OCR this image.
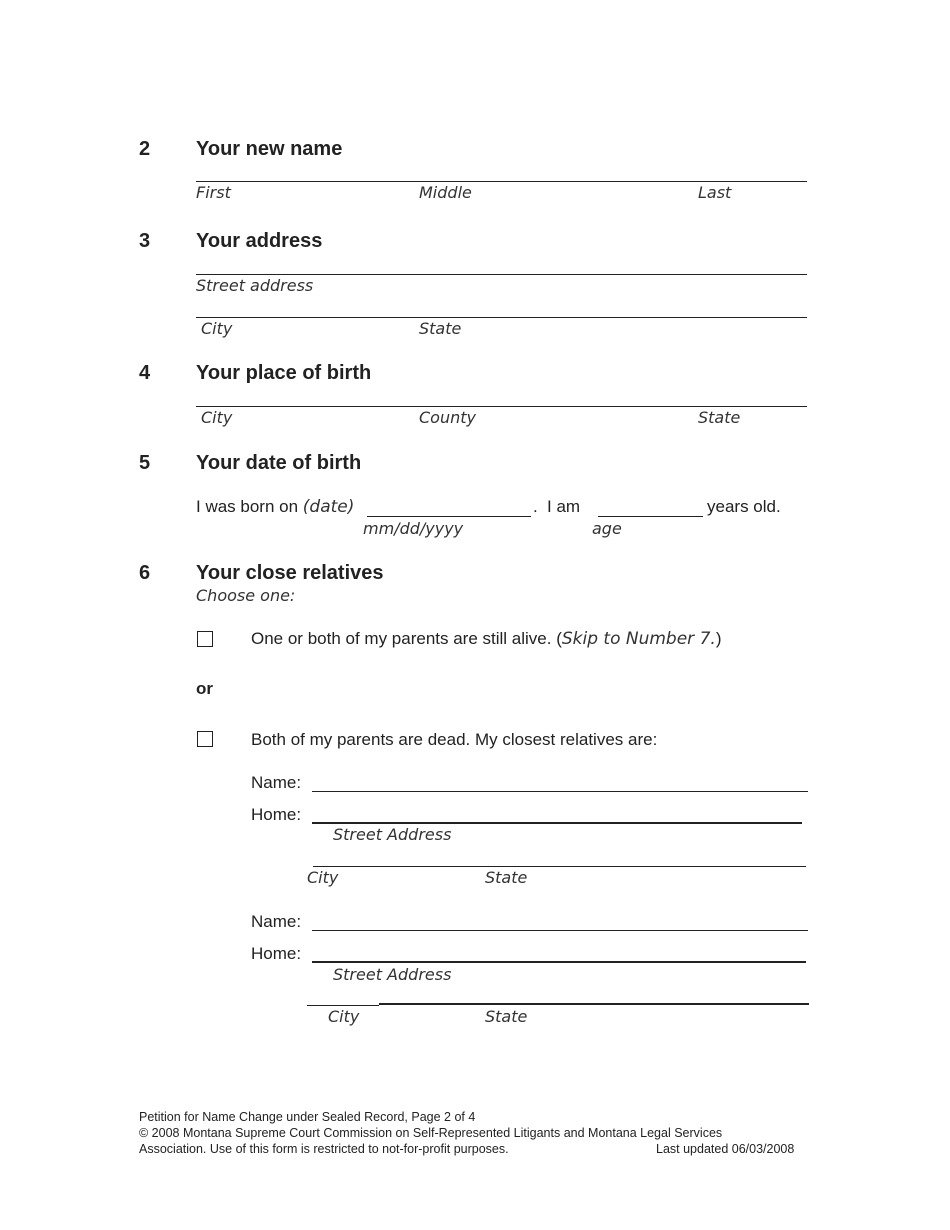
2 Your new name
First	Middle	Last
3 Your address
Street address
City	State
4 Your place of birth
City	County	State
5 Your date of birth
I was born on (date)	. I am	years old.
mm/dd/yyyy	age
6 Your close relatives
Choose one:
One or both of my parents are still alive. (Skip to Number 7.)
or
Both of my parents are dead. My closest relatives are:
Name:
Home:
Street Address
City	State
Name:
Home:
Street Address
City	State
Petition for Name Change under Sealed Record, Page 2 of 4
© 2008 Montana Supreme Court Commission on Self-Represented Litigants and Montana Legal Services
Association. Use of this form is restricted to not-for-profit purposes.	Last updated 06/03/2008
